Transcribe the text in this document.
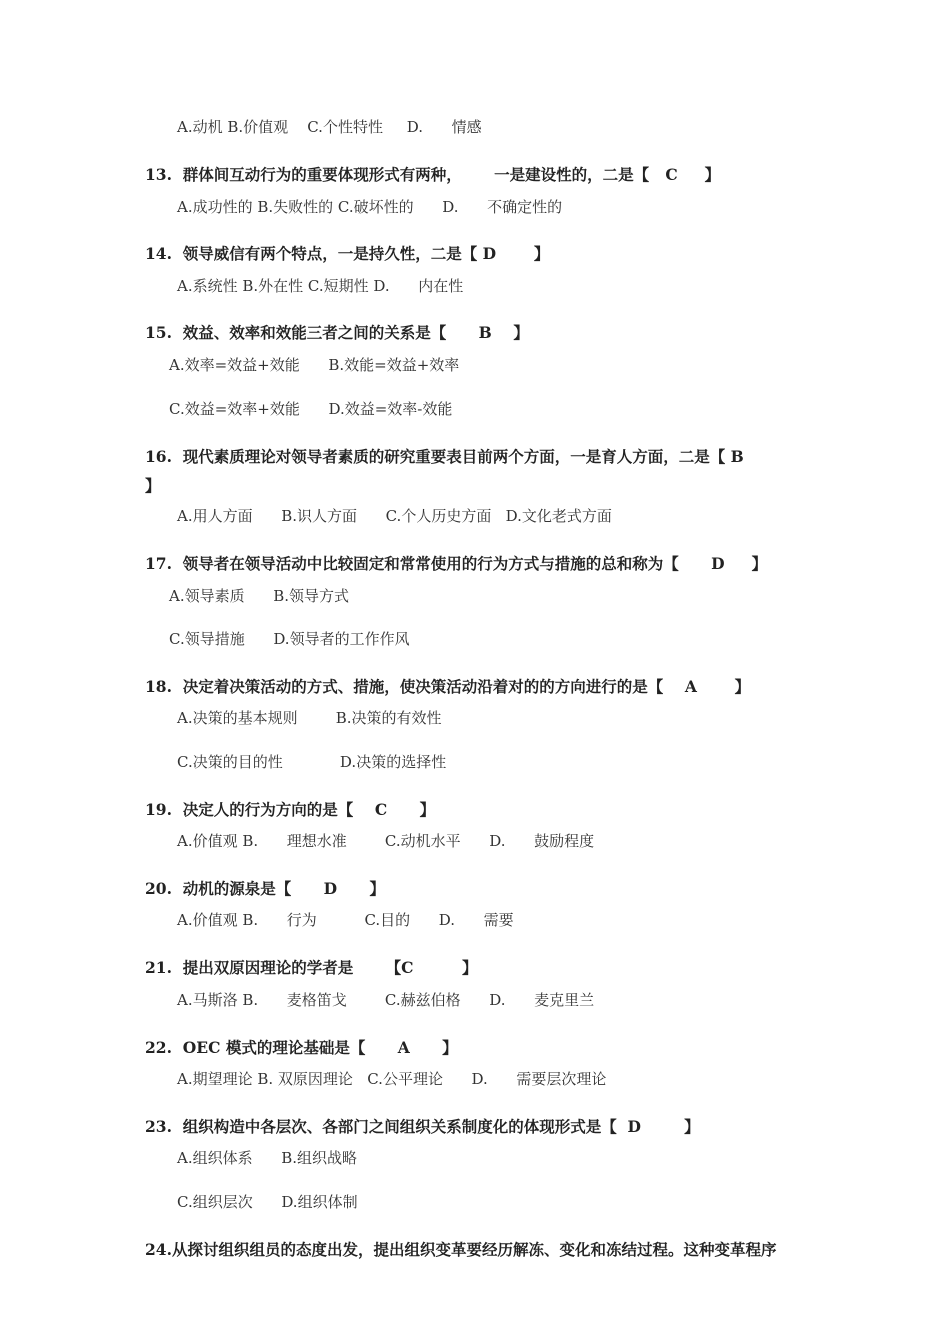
A.动机 B.价值观    C.个性特性     D.      情感
13. 群体间互动行为的重要体现形式有两种，      一是建设性的，二是【   C     】
A.成功性的 B.失败性的 C.破坏性的      D.      不确定性的
14. 领导威信有两个特点，一是持久性，二是【 D       】
A.系统性 B.外在性 C.短期性 D.      内在性
15. 效益、效率和效能三者之间的关系是【      B    】
A.效率=效益+效能      B.效能=效益+效率
C.效益=效率+效能      D.效益=效率-效能
16. 现代素质理论对领导者素质的研究重要表目前两个方面，一是育人方面，二是【 B
】
A.用人方面      B.识人方面      C.个人历史方面   D.文化老式方面
17. 领导者在领导活动中比较固定和常常使用的行为方式与措施的总和称为【      D     】
A.领导素质      B.领导方式
C.领导措施      D.领导者的工作作风
18. 决定着决策活动的方式、措施，使决策活动沿着对的的方向进行的是【    A       】
A.决策的基本规则        B.决策的有效性
C.决策的目的性            D.决策的选择性
19. 决定人的行为方向的是【    C      】
A.价值观 B.      理想水准        C.动机水平      D.      鼓励程度
20. 动机的源泉是【      D      】
A.价值观 B.      行为          C.目的      D.      需要
21. 提出双原因理论的学者是      【C         】
A.马斯洛 B.      麦格笛戈        C.赫兹伯格      D.      麦克里兰
22. OEC 模式的理论基础是【      A      】
A.期望理论 B. 双原因理论   C.公平理论      D.      需要层次理论
23. 组织构造中各层次、各部门之间组织关系制度化的体现形式是【  D        】
A.组织体系      B.组织战略
C.组织层次      D.组织体制
24.从探讨组织组员的态度出发，提出组织变革要经历解冻、变化和冻结过程。这种变革程序
